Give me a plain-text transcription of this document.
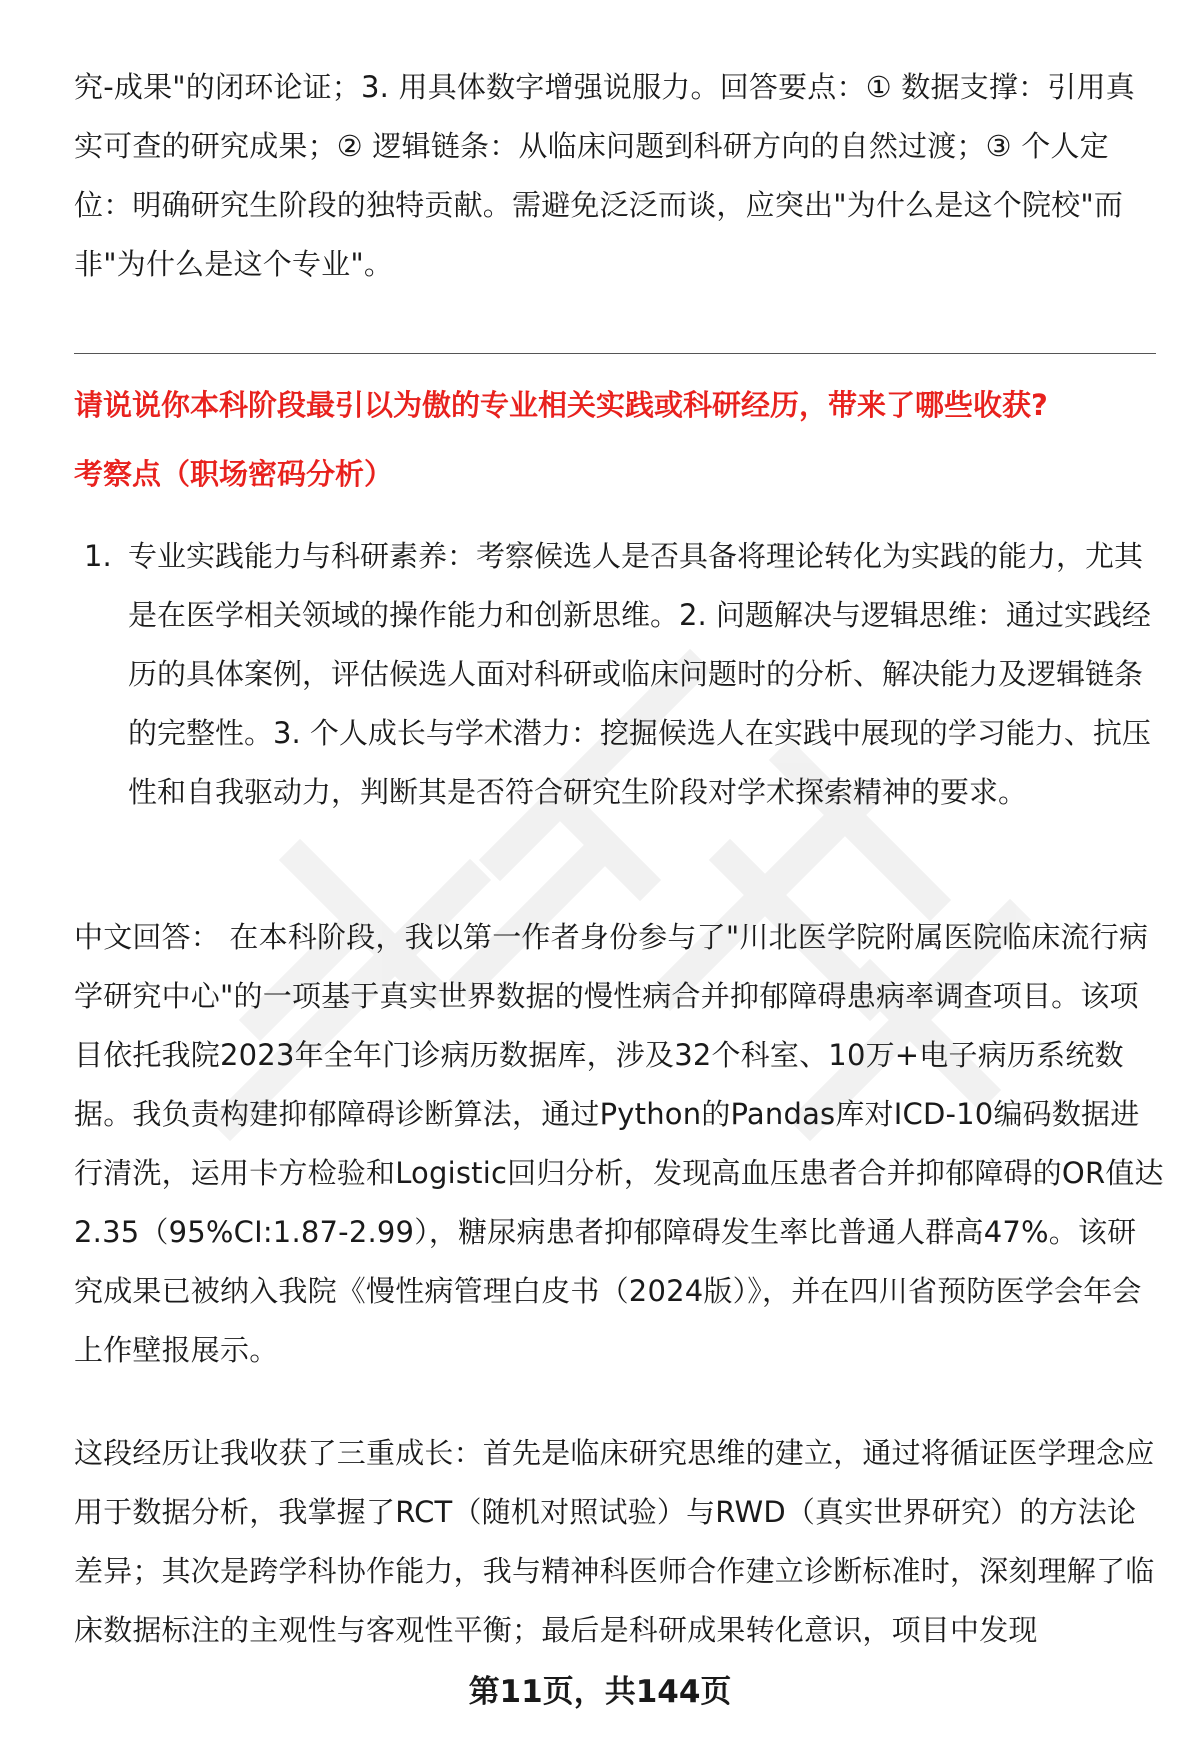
究-成果"的闭环论证；3. 用具体数字增强说服力。回答要点：① 数据支撑：引用真实可查的研究成果；② 逻辑链条：从临床问题到科研方向的自然过渡；③ 个人定位：明确研究生阶段的独特贡献。需避免泛泛而谈，应突出"为什么是这个院校"而非"为什么是这个专业"。

请说说你本科阶段最引以为傲的专业相关实践或科研经历，带来了哪些收获?

考察点（职场密码分析）

1. 专业实践能力与科研素养：考察候选人是否具备将理论转化为实践的能力，尤其是在医学相关领域的操作能力和创新思维。2. 问题解决与逻辑思维：通过实践经历的具体案例，评估候选人面对科研或临床问题时的分析、解决能力及逻辑链条的完整性。3. 个人成长与学术潜力：挖掘候选人在实践中展现的学习能力、抗压性和自我驱动力，判断其是否符合研究生阶段对学术探索精神的要求。

中文回答： 在本科阶段，我以第一作者身份参与了"川北医学院附属医院临床流行病学研究中心"的一项基于真实世界数据的慢性病合并抑郁障碍患病率调查项目。该项目依托我院2023年全年门诊病历数据库，涉及32个科室、10万+电子病历系统数据。我负责构建抑郁障碍诊断算法，通过Python的Pandas库对ICD-10编码数据进行清洗，运用卡方检验和Logistic回归分析，发现高血压患者合并抑郁障碍的OR值达2.35（95%CI:1.87-2.99），糖尿病患者抑郁障碍发生率比普通人群高47%。该研究成果已被纳入我院《慢性病管理白皮书（2024版）》，并在四川省预防医学会年会上作壁报展示。

这段经历让我收获了三重成长：首先是临床研究思维的建立，通过将循证医学理念应用于数据分析，我掌握了RCT（随机对照试验）与RWD（真实世界研究）的方法论差异；其次是跨学科协作能力，我与精神科医师合作建立诊断标准时，深刻理解了临床数据标注的主观性与客观性平衡；最后是科研成果转化意识，项目中发现

第11页，共144页
